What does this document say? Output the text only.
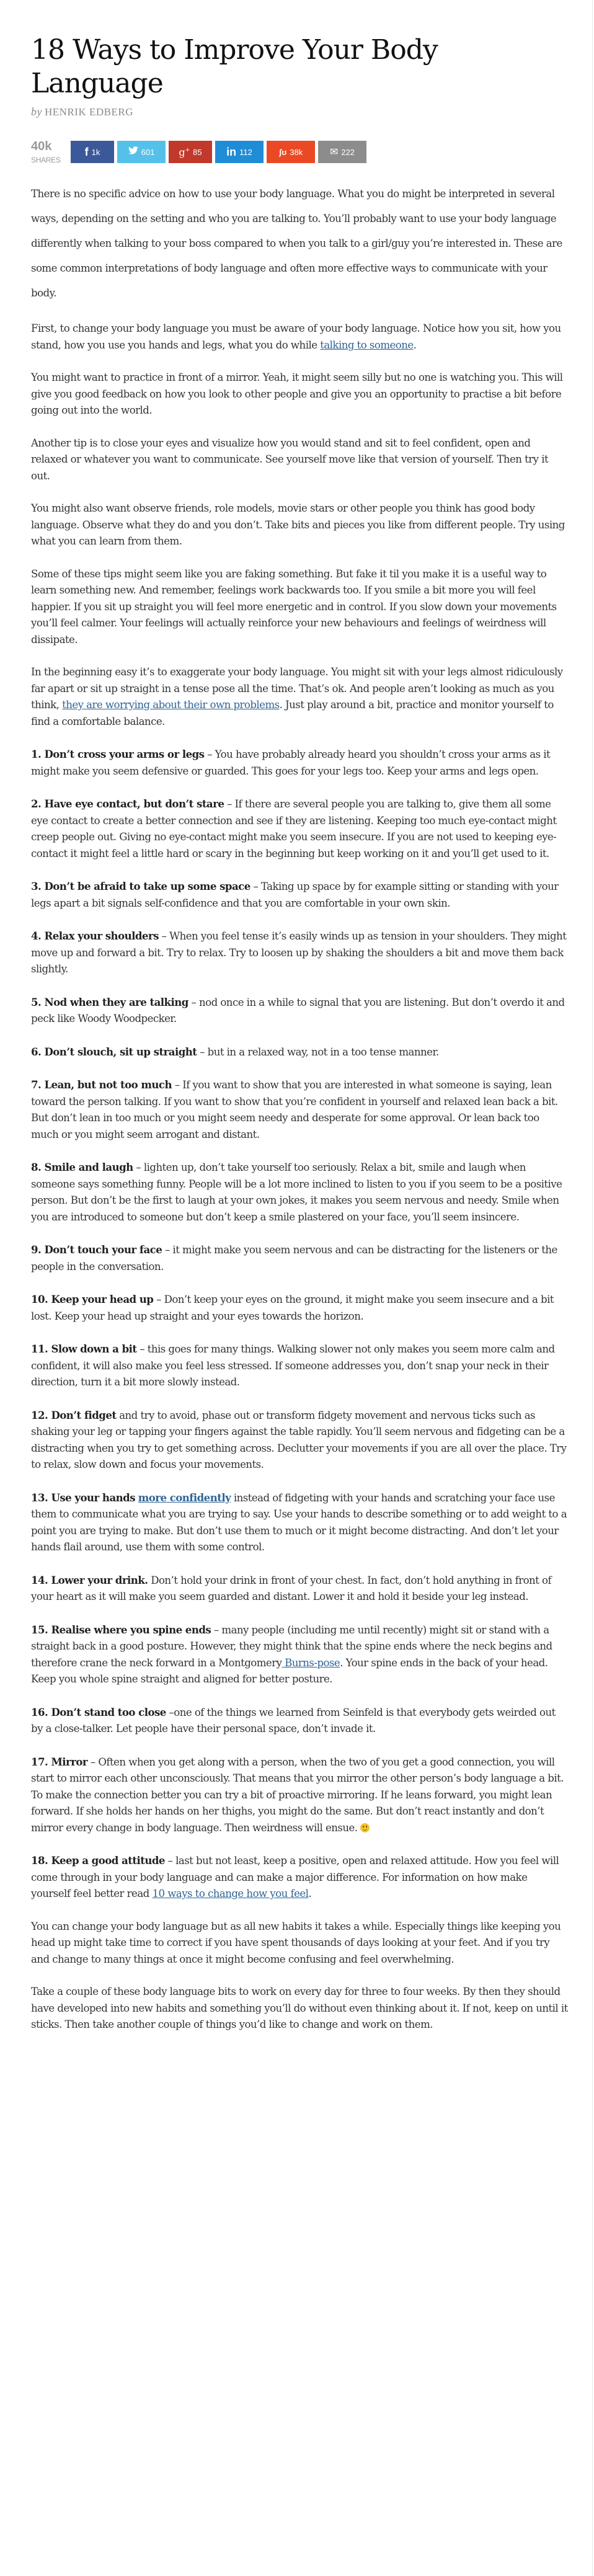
18 Ways to Improve Your Body Language
by HENRIK EDBERG
40k
SHARES
f 1k	601 g+ 85 in 112	ʃʊ 38k	✉ 222

There is no specific advice on how to use your body language. What you do might be interpreted in several ways, depending on the setting and who you are talking to. You’ll probably want to use your body language differently when talking to your boss compared to when you talk to a girl/guy you’re interested in. These are some common interpretations of body language and often more effective ways to communicate with your body.

First, to change your body language you must be aware of your body language. Notice how you sit, how you stand, how you use you hands and legs, what you do while talking to someone.

You might want to practice in front of a mirror. Yeah, it might seem silly but no one is watching you. This will give you good feedback on how you look to other people and give you an opportunity to practise a bit before going out into the world.

Another tip is to close your eyes and visualize how you would stand and sit to feel confident, open and relaxed or whatever you want to communicate. See yourself move like that version of yourself. Then try it out.

You might also want observe friends, role models, movie stars or other people you think has good body language. Observe what they do and you don’t. Take bits and pieces you like from different people. Try using what you can learn from them.

Some of these tips might seem like you are faking something. But fake it til you make it is a useful way to learn something new. And remember, feelings work backwards too. If you smile a bit more you will feel happier. If you sit up straight you will feel more energetic and in control. If you slow down your movements you’ll feel calmer. Your feelings will actually reinforce your new behaviours and feelings of weirdness will dissipate.

In the beginning easy it’s to exaggerate your body language. You might sit with your legs almost ridiculously far apart or sit up straight in a tense pose all the time. That’s ok. And people aren’t looking as much as you think, they are worrying about their own problems. Just play around a bit, practice and monitor yourself to find a comfortable balance.

1. Don’t cross your arms or legs – You have probably already heard you shouldn’t cross your arms as it might make you seem defensive or guarded. This goes for your legs too. Keep your arms and legs open.

2. Have eye contact, but don’t stare – If there are several people you are talking to, give them all some eye contact to create a better connection and see if they are listening. Keeping too much eye-contact might creep people out. Giving no eye-contact might make you seem insecure. If you are not used to keeping eye-contact it might feel a little hard or scary in the beginning but keep working on it and you’ll get used to it.

3. Don’t be afraid to take up some space – Taking up space by for example sitting or standing with your legs apart a bit signals self-confidence and that you are comfortable in your own skin.

4. Relax your shoulders – When you feel tense it’s easily winds up as tension in your shoulders. They might move up and forward a bit. Try to relax. Try to loosen up by shaking the shoulders a bit and move them back slightly.

5. Nod when they are talking – nod once in a while to signal that you are listening. But don’t overdo it and peck like Woody Woodpecker.

6. Don’t slouch, sit up straight – but in a relaxed way, not in a too tense manner.

7. Lean, but not too much – If you want to show that you are interested in what someone is saying, lean toward the person talking. If you want to show that you’re confident in yourself and relaxed lean back a bit. But don’t lean in too much or you might seem needy and desperate for some approval. Or lean back too much or you might seem arrogant and distant.

8. Smile and laugh – lighten up, don’t take yourself too seriously. Relax a bit, smile and laugh when someone says something funny. People will be a lot more inclined to listen to you if you seem to be a positive person. But don’t be the first to laugh at your own jokes, it makes you seem nervous and needy. Smile when you are introduced to someone but don’t keep a smile plastered on your face, you’ll seem insincere.

9. Don’t touch your face – it might make you seem nervous and can be distracting for the listeners or the people in the conversation.

10. Keep your head up – Don’t keep your eyes on the ground, it might make you seem insecure and a bit lost. Keep your head up straight and your eyes towards the horizon.

11. Slow down a bit – this goes for many things. Walking slower not only makes you seem more calm and confident, it will also make you feel less stressed. If someone addresses you, don’t snap your neck in their direction, turn it a bit more slowly instead.

12. Don’t fidget and try to avoid, phase out or transform fidgety movement and nervous ticks such as shaking your leg or tapping your fingers against the table rapidly. You’ll seem nervous and fidgeting can be a distracting when you try to get something across. Declutter your movements if you are all over the place. Try to relax, slow down and focus your movements.

13. Use your hands more confidently instead of fidgeting with your hands and scratching your face use them to communicate what you are trying to say. Use your hands to describe something or to add weight to a point you are trying to make. But don’t use them to much or it might become distracting. And don’t let your hands flail around, use them with some control.

14. Lower your drink. Don’t hold your drink in front of your chest. In fact, don’t hold anything in front of your heart as it will make you seem guarded and distant. Lower it and hold it beside your leg instead.

15. Realise where you spine ends – many people (including me until recently) might sit or stand with a straight back in a good posture. However, they might think that the spine ends where the neck begins and therefore crane the neck forward in a Montgomery Burns-pose. Your spine ends in the back of your head. Keep you whole spine straight and aligned for better posture.

16. Don’t stand too close –one of the things we learned from Seinfeld is that everybody gets weirded out by a close-talker. Let people have their personal space, don’t invade it.

17. Mirror – Often when you get along with a person, when the two of you get a good connection, you will start to mirror each other unconsciously. That means that you mirror the other person’s body language a bit. To make the connection better you can try a bit of proactive mirroring. If he leans forward, you might lean forward. If she holds her hands on her thighs, you might do the same. But don’t react instantly and don’t mirror every change in body language. Then weirdness will ensue.

18. Keep a good attitude – last but not least, keep a positive, open and relaxed attitude. How you feel will come through in your body language and can make a major difference. For information on how make yourself feel better read 10 ways to change how you feel.

You can change your body language but as all new habits it takes a while. Especially things like keeping you head up might take time to correct if you have spent thousands of days looking at your feet. And if you try and change to many things at once it might become confusing and feel overwhelming.

Take a couple of these body language bits to work on every day for three to four weeks. By then they should have developed into new habits and something you’ll do without even thinking about it. If not, keep on until it sticks. Then take another couple of things you’d like to change and work on them.
